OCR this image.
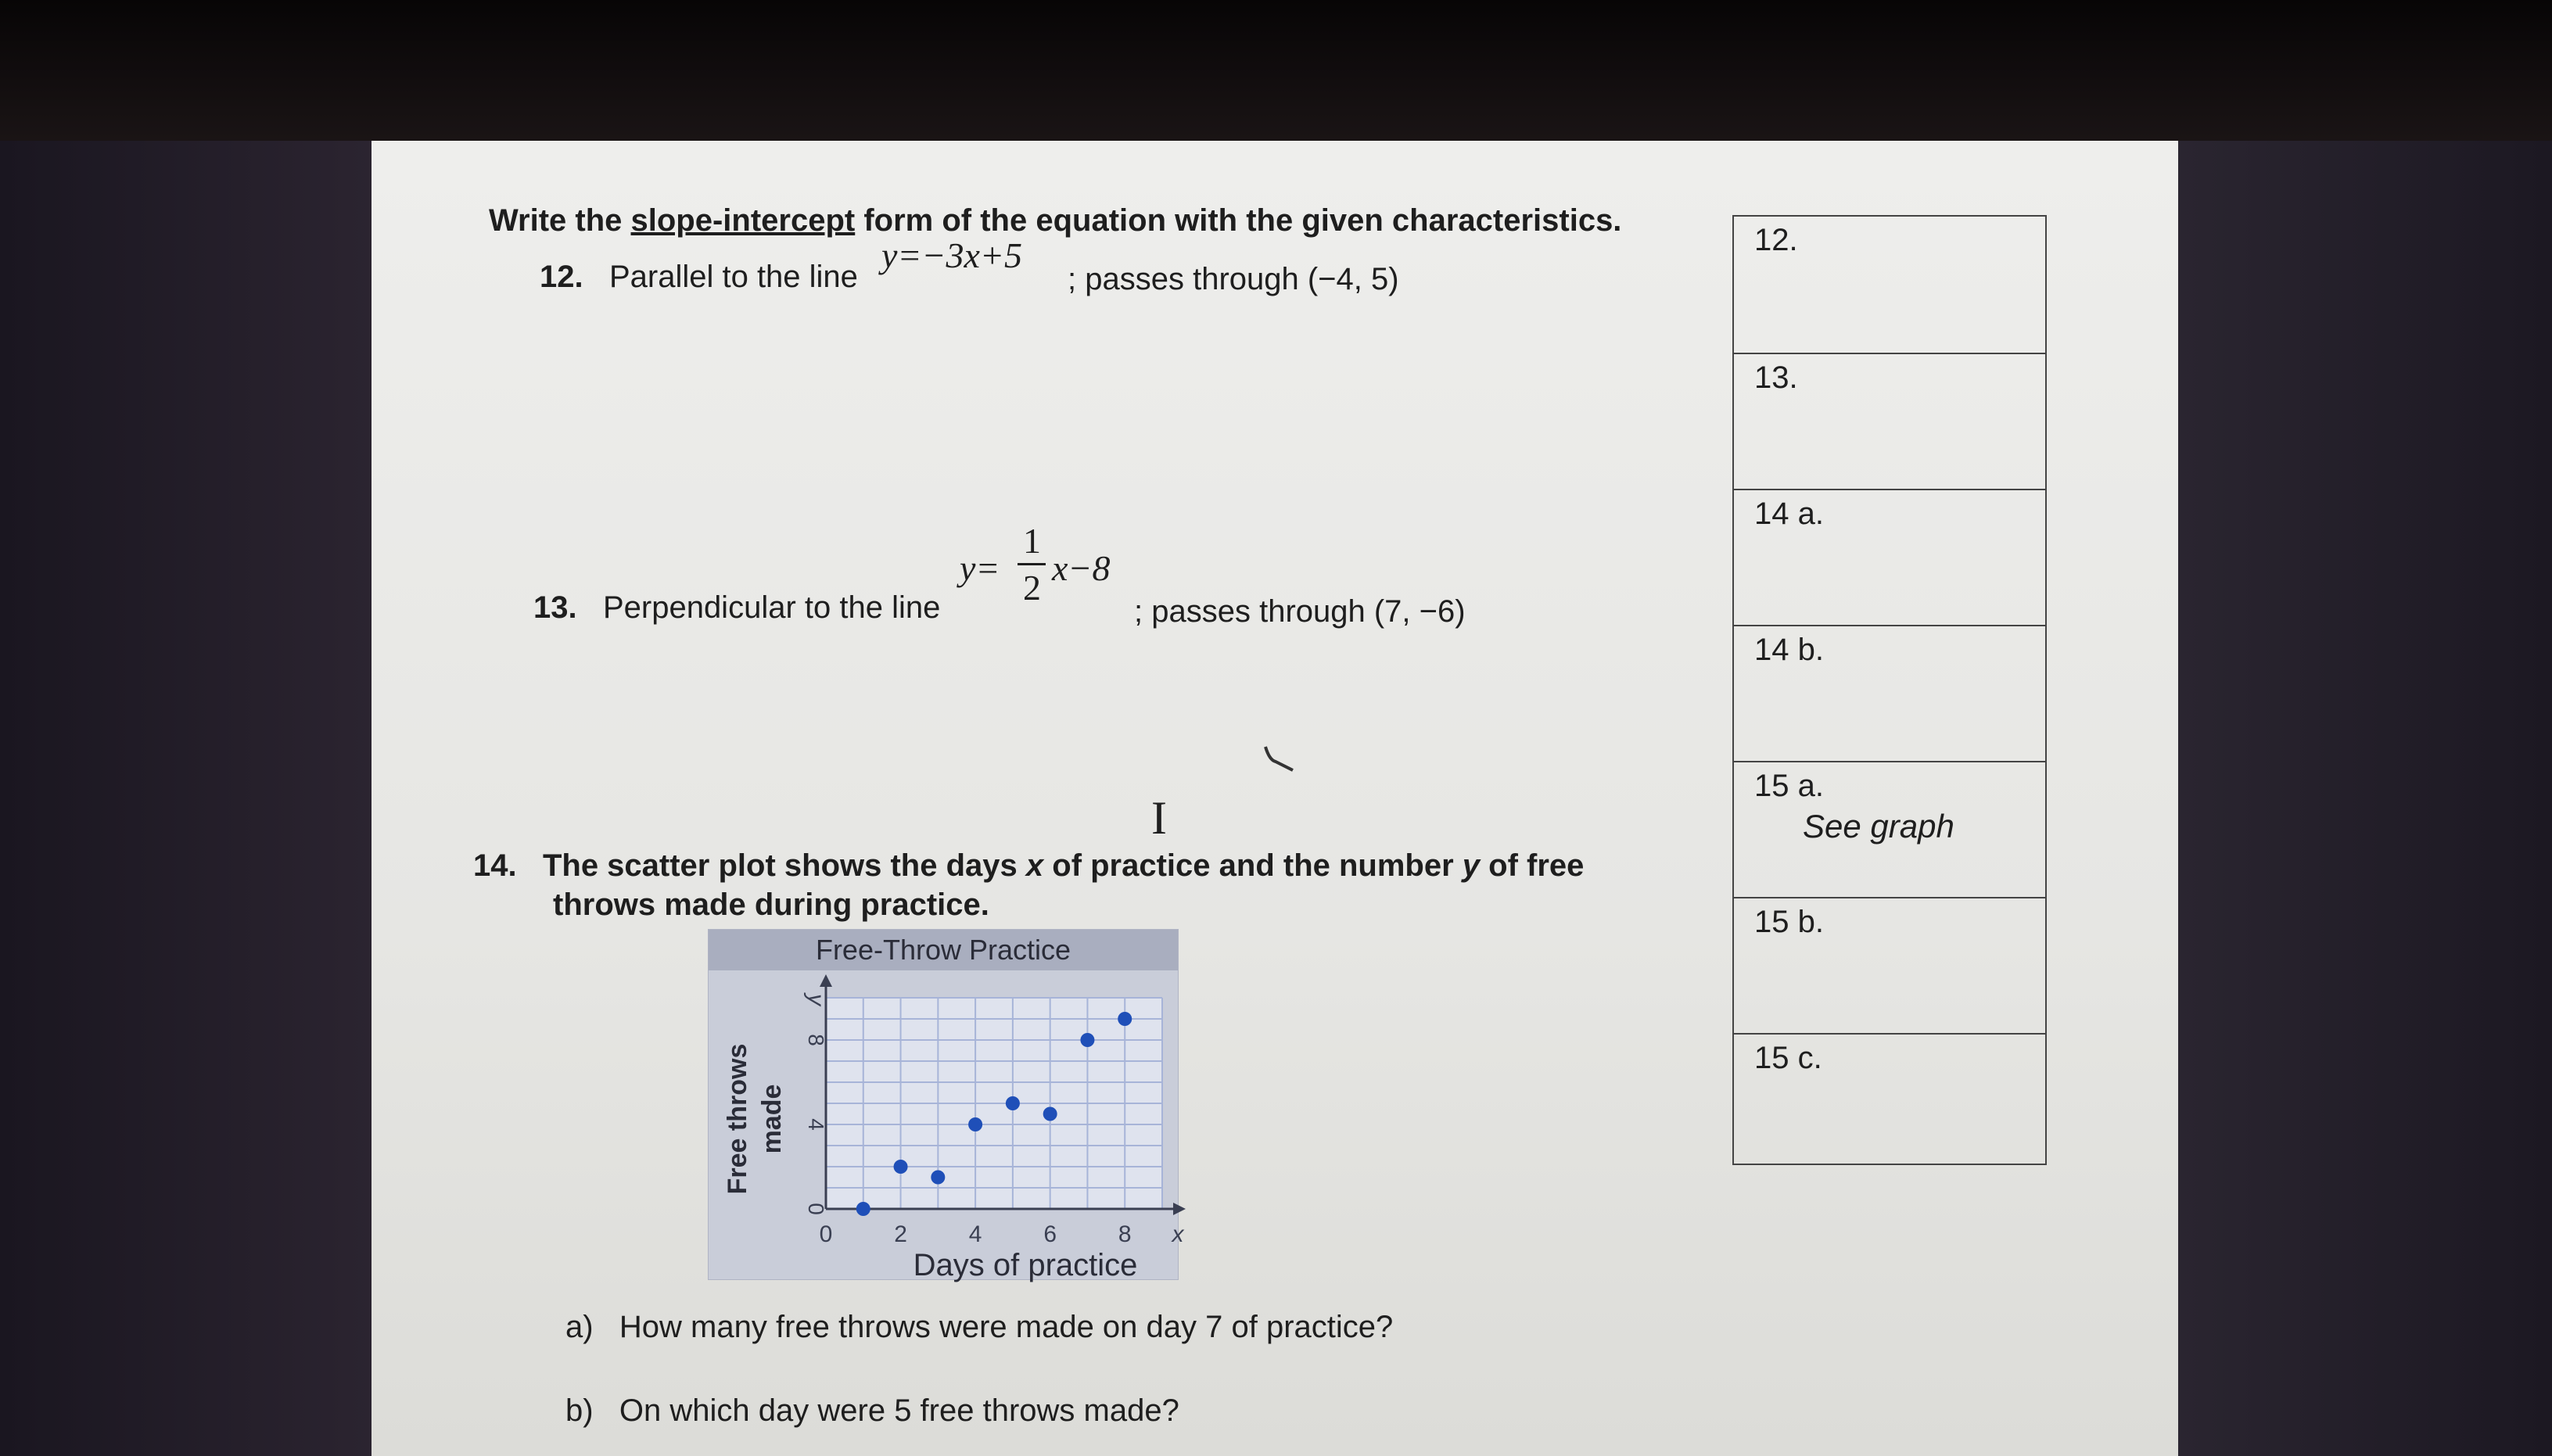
Write the slope-intercept form of the equation with the given characteristics.
12. Parallel to the line
y=−3x+5
; passes through (−4, 5)
13. Perpendicular to the line
y=
1
2 x−8
; passes through (7, −6)
I
14. The scatter plot shows the days x of practice and the number y of free
throws made during practice.
Free-Throw Practice
0	2	4	6	8 x
0
4
8
y
Days of practice
Free throws made
a) How many free throws were made on day 7 of practice?
b) On which day were 5 free throws made?
12.
13.
14 a.
14 b.
15 a.
See graph
15 b.
15 c.
